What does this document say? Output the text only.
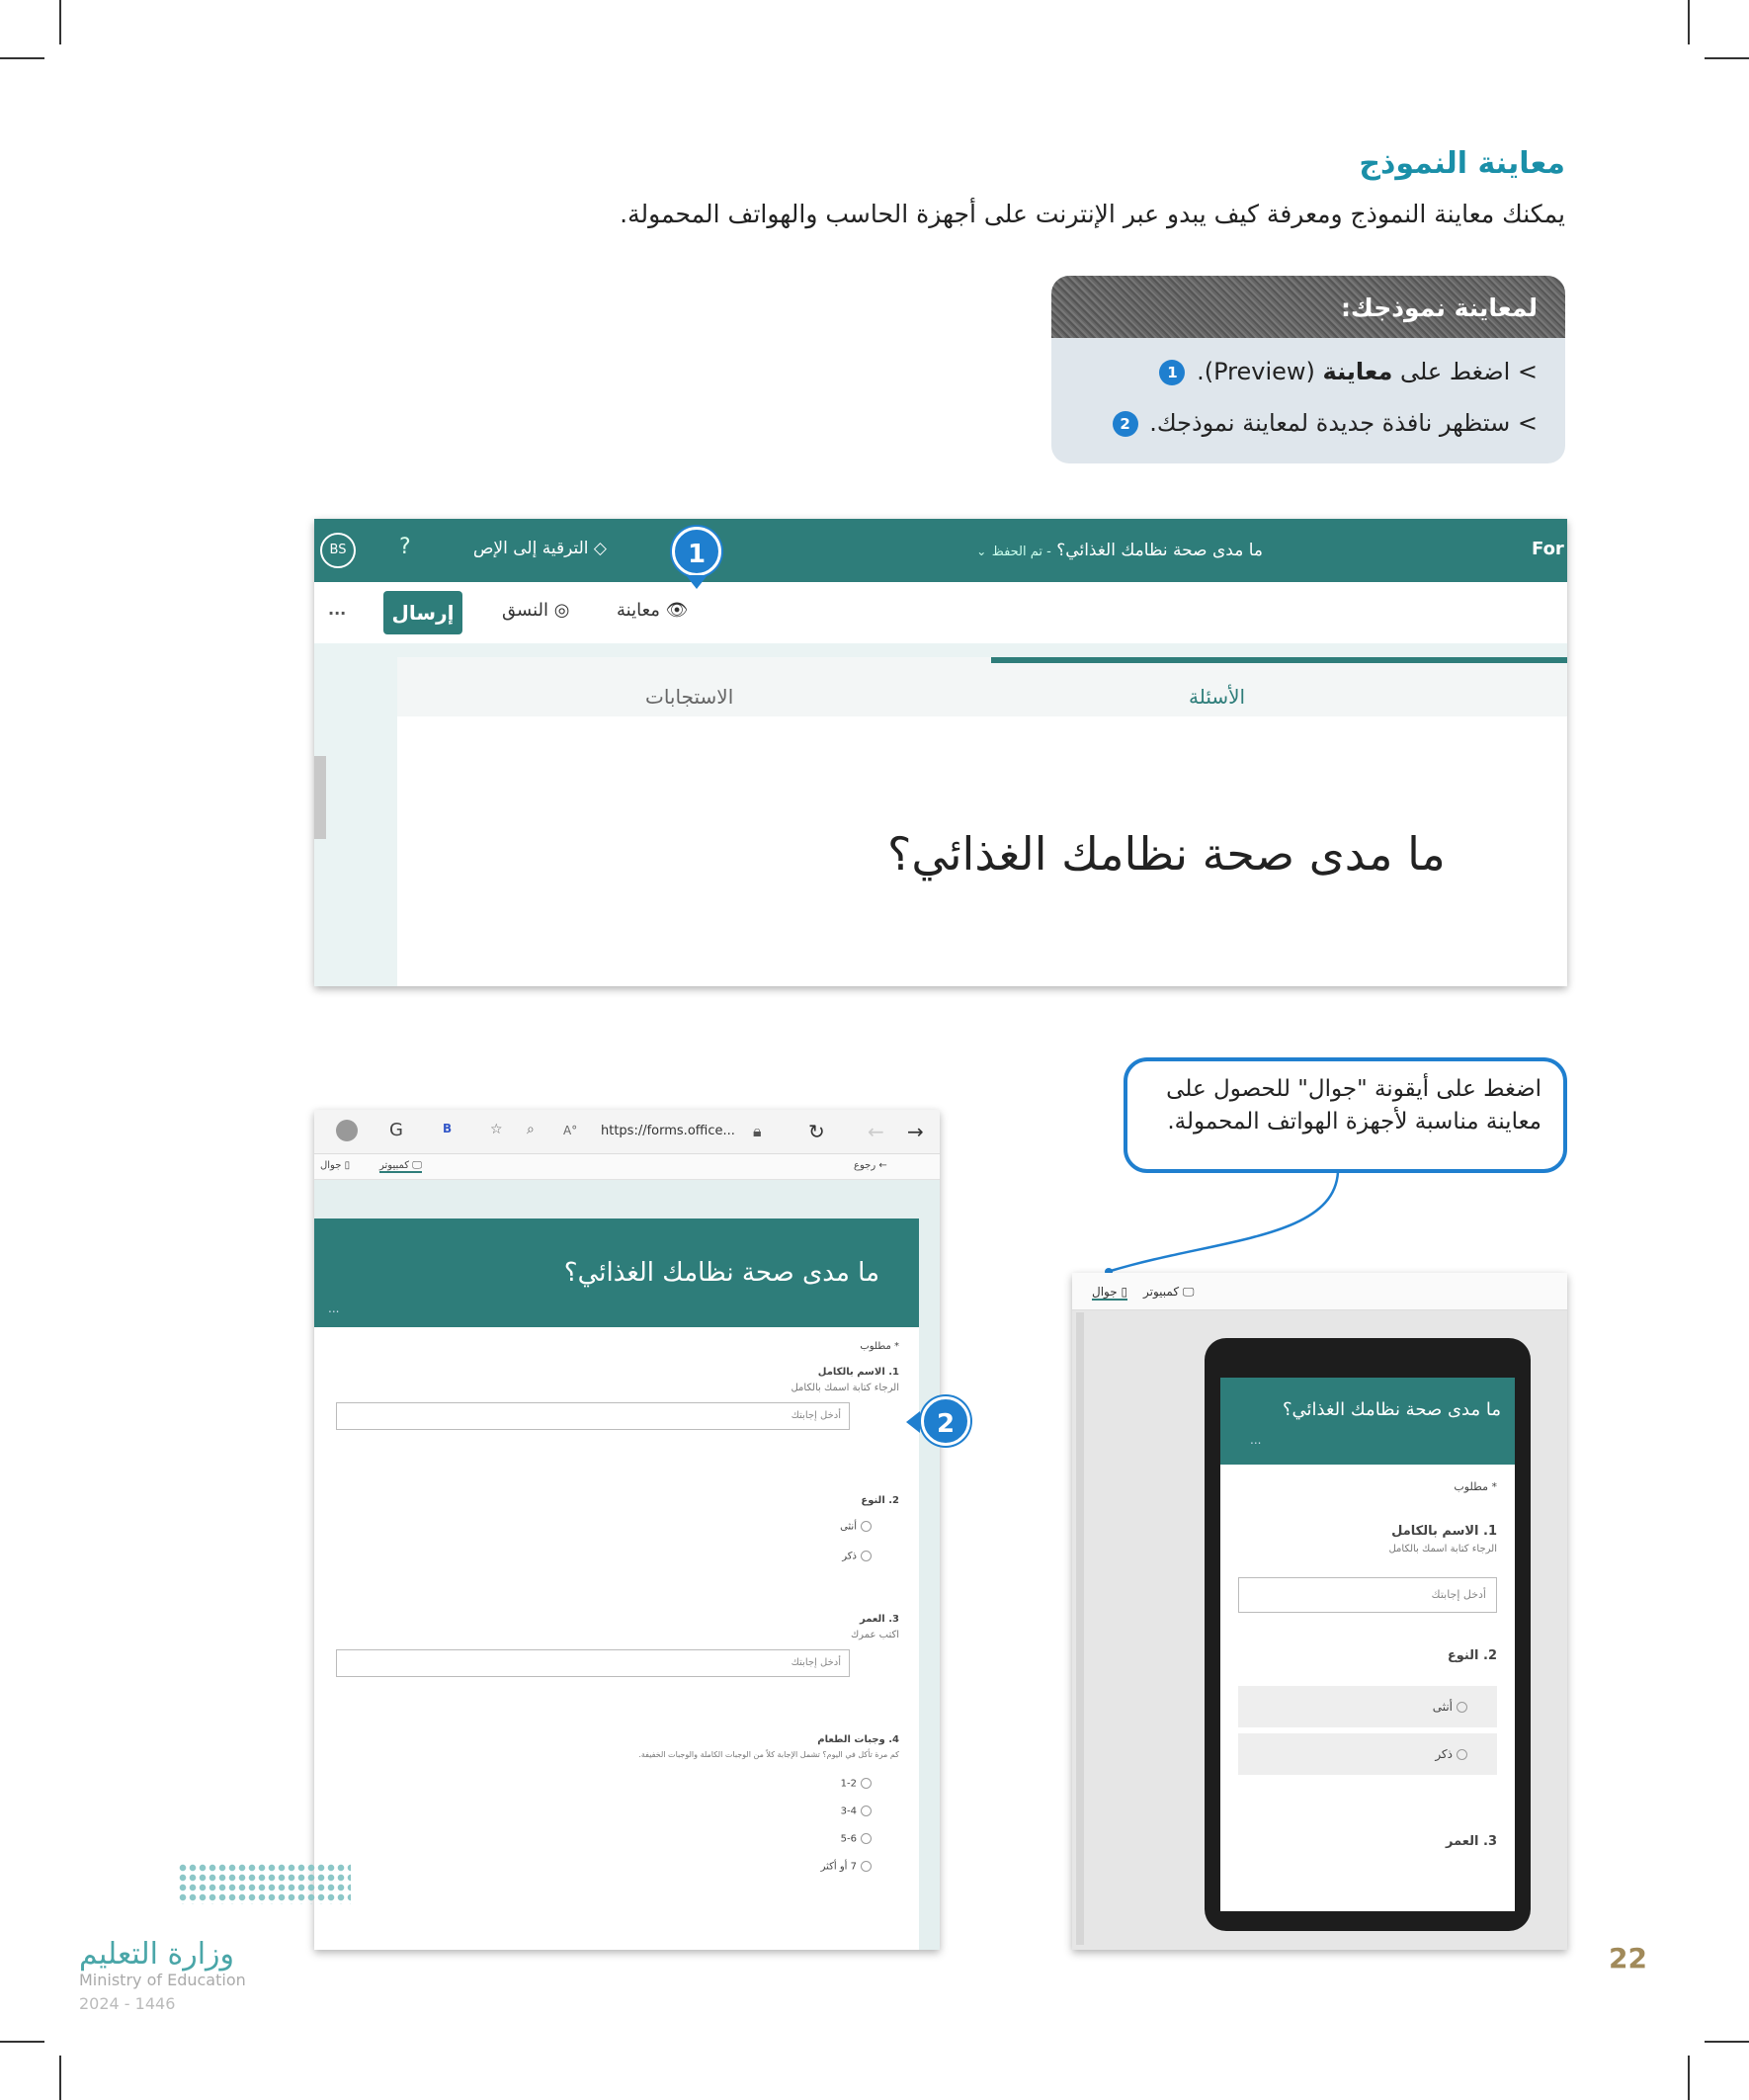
معاينة النموذج
يمكنك معاينة النموذج ومعرفة كيف يبدو عبر الإنترنت على أجهزة الحاسب والهواتف المحمولة.
لمعاينة نموذجك:
> اضغط على معاينة (Preview). 1
> ستظهر نافذة جديدة لمعاينة نموذجك. 2
BS	?	◇ الترقية إلى الإص	ما مدى صحة نظامك الغذائي؟ - تم الحفظ ⌄	For
...	◎ النسق	👁 معاينة
إرسال
الأسئلة
الاستجابات
ما مدى صحة نظامك الغذائي؟
1
→
←
↻
🔒︎
https://forms.office...
A°
⌕
☆
B
G
← رجوع
▯ جوال	🖵︎ كمبيوتر
ما مدى صحة نظامك الغذائي؟
...
* مطلوب
1. الاسم بالكامل
الرجاء كتابة اسمك بالكامل
أدخل إجابتك
2. النوع
أنثى
ذكر
3. العمر
اكتب عمرك
أدخل إجابتك
4. وجبات الطعام
كم مرة تأكل في اليوم؟ تشمل الإجابة كلاً من الوجبات الكاملة والوجبات الخفيفة.
1-2
3-4
5-6
7 أو أكثر
2
اضغط على أيقونة "جوال" للحصول على معاينة مناسبة لأجهزة الهواتف المحمولة.
▯ جوال	🖵︎ كمبيوتر
ما مدى صحة نظامك الغذائي؟
...
* مطلوب
1. الاسم بالكامل
الرجاء كتابة اسمك بالكامل
أدخل إجابتك
2. النوع
أنثى
ذكر
3. العمر
وزارة التعليم
Ministry of Education
2024 - 1446
22
